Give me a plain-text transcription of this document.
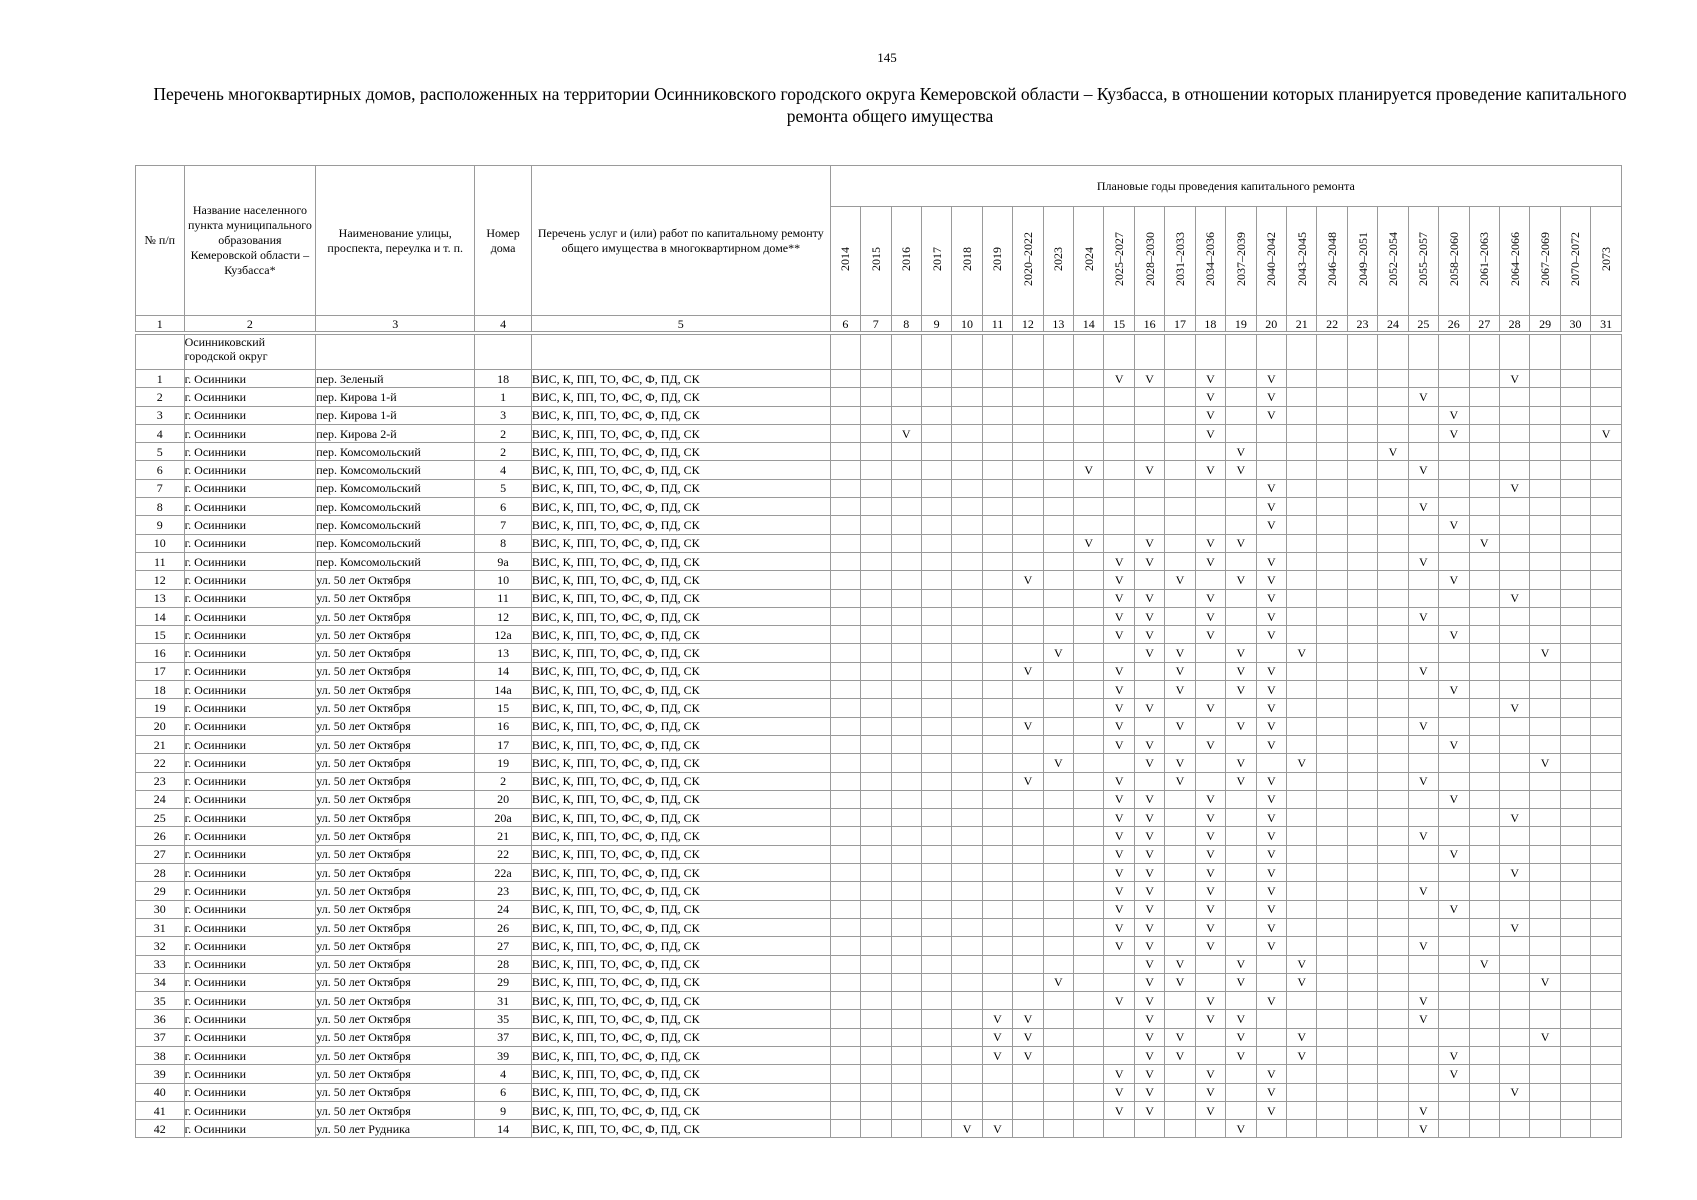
145
Перечень многоквартирных домов, расположенных на территории Осинниковского городского округа Кемеровской области – Кузбасса, в отношении которых планируется проведение капитального ремонта общего имущества
№ п/п	Название населенного пункта муниципального образования Кемеровской области – Кузбасса*	Наименование улицы, проспекта, переулка и т. п.	Номер дома	Перечень услуг и (или) работ по капитальному ремонту общего имущества в многоквартирном доме**	Плановые годы проведения капитального ремонта																									
					2014	2015	2016	2017	2018	2019	2020–2022	2023	2024	2025–2027	2028–2030	2031–2033	2034–2036	2037–2039	2040–2042	2043–2045	2046–2048	2049–2051	2052–2054	2055–2057	2058–2060	2061–2063	2064–2066	2067–2069	2070–2072	2073
1	2	3	4	5	6	7	8	9	10	11	12	13	14	15	16	17	18	19	20	21	22	23	24	25	26	27	28	29	30	31

	Осинниковский городской округ																													
1	г. Осинники	пер. Зеленый	18	ВИС, К, ПП, ТО, ФС, Ф, ПД, СК										V	V		V		V								V			
2	г. Осинники	пер. Кирова 1-й	1	ВИС, К, ПП, ТО, ФС, Ф, ПД, СК													V		V					V						
3	г. Осинники	пер. Кирова 1-й	3	ВИС, К, ПП, ТО, ФС, Ф, ПД, СК													V		V						V					
4	г. Осинники	пер. Кирова 2-й	2	ВИС, К, ПП, ТО, ФС, Ф, ПД, СК			V										V								V					V
5	г. Осинники	пер. Комсомольский	2	ВИС, К, ПП, ТО, ФС, Ф, ПД, СК														V					V							
6	г. Осинники	пер. Комсомольский	4	ВИС, К, ПП, ТО, ФС, Ф, ПД, СК									V		V		V	V						V						
7	г. Осинники	пер. Комсомольский	5	ВИС, К, ПП, ТО, ФС, Ф, ПД, СК															V								V			
8	г. Осинники	пер. Комсомольский	6	ВИС, К, ПП, ТО, ФС, Ф, ПД, СК															V					V						
9	г. Осинники	пер. Комсомольский	7	ВИС, К, ПП, ТО, ФС, Ф, ПД, СК															V						V					
10	г. Осинники	пер. Комсомольский	8	ВИС, К, ПП, ТО, ФС, Ф, ПД, СК									V		V		V	V								V				
11	г. Осинники	пер. Комсомольский	9а	ВИС, К, ПП, ТО, ФС, Ф, ПД, СК										V	V		V		V					V						
12	г. Осинники	ул. 50 лет Октября	10	ВИС, К, ПП, ТО, ФС, Ф, ПД, СК							V			V		V		V	V						V					
13	г. Осинники	ул. 50 лет Октября	11	ВИС, К, ПП, ТО, ФС, Ф, ПД, СК										V	V		V		V								V			
14	г. Осинники	ул. 50 лет Октября	12	ВИС, К, ПП, ТО, ФС, Ф, ПД, СК										V	V		V		V					V						
15	г. Осинники	ул. 50 лет Октября	12а	ВИС, К, ПП, ТО, ФС, Ф, ПД, СК										V	V		V		V						V					
16	г. Осинники	ул. 50 лет Октября	13	ВИС, К, ПП, ТО, ФС, Ф, ПД, СК								V			V	V		V		V								V		
17	г. Осинники	ул. 50 лет Октября	14	ВИС, К, ПП, ТО, ФС, Ф, ПД, СК							V			V		V		V	V					V						
18	г. Осинники	ул. 50 лет Октября	14а	ВИС, К, ПП, ТО, ФС, Ф, ПД, СК										V		V		V	V						V					
19	г. Осинники	ул. 50 лет Октября	15	ВИС, К, ПП, ТО, ФС, Ф, ПД, СК										V	V		V		V								V			
20	г. Осинники	ул. 50 лет Октября	16	ВИС, К, ПП, ТО, ФС, Ф, ПД, СК							V			V		V		V	V					V						
21	г. Осинники	ул. 50 лет Октября	17	ВИС, К, ПП, ТО, ФС, Ф, ПД, СК										V	V		V		V						V					
22	г. Осинники	ул. 50 лет Октября	19	ВИС, К, ПП, ТО, ФС, Ф, ПД, СК								V			V	V		V		V								V		
23	г. Осинники	ул. 50 лет Октября	2	ВИС, К, ПП, ТО, ФС, Ф, ПД, СК							V			V		V		V	V					V						
24	г. Осинники	ул. 50 лет Октября	20	ВИС, К, ПП, ТО, ФС, Ф, ПД, СК										V	V		V		V						V					
25	г. Осинники	ул. 50 лет Октября	20а	ВИС, К, ПП, ТО, ФС, Ф, ПД, СК										V	V		V		V								V			
26	г. Осинники	ул. 50 лет Октября	21	ВИС, К, ПП, ТО, ФС, Ф, ПД, СК										V	V		V		V					V						
27	г. Осинники	ул. 50 лет Октября	22	ВИС, К, ПП, ТО, ФС, Ф, ПД, СК										V	V		V		V						V					
28	г. Осинники	ул. 50 лет Октября	22а	ВИС, К, ПП, ТО, ФС, Ф, ПД, СК										V	V		V		V								V			
29	г. Осинники	ул. 50 лет Октября	23	ВИС, К, ПП, ТО, ФС, Ф, ПД, СК										V	V		V		V					V						
30	г. Осинники	ул. 50 лет Октября	24	ВИС, К, ПП, ТО, ФС, Ф, ПД, СК										V	V		V		V						V					
31	г. Осинники	ул. 50 лет Октября	26	ВИС, К, ПП, ТО, ФС, Ф, ПД, СК										V	V		V		V								V			
32	г. Осинники	ул. 50 лет Октября	27	ВИС, К, ПП, ТО, ФС, Ф, ПД, СК										V	V		V		V					V						
33	г. Осинники	ул. 50 лет Октября	28	ВИС, К, ПП, ТО, ФС, Ф, ПД, СК											V	V		V		V						V				
34	г. Осинники	ул. 50 лет Октября	29	ВИС, К, ПП, ТО, ФС, Ф, ПД, СК								V			V	V		V		V								V		
35	г. Осинники	ул. 50 лет Октября	31	ВИС, К, ПП, ТО, ФС, Ф, ПД, СК										V	V		V		V					V						
36	г. Осинники	ул. 50 лет Октября	35	ВИС, К, ПП, ТО, ФС, Ф, ПД, СК						V	V				V		V	V						V						
37	г. Осинники	ул. 50 лет Октября	37	ВИС, К, ПП, ТО, ФС, Ф, ПД, СК						V	V				V	V		V		V								V		
38	г. Осинники	ул. 50 лет Октября	39	ВИС, К, ПП, ТО, ФС, Ф, ПД, СК						V	V				V	V		V		V					V					
39	г. Осинники	ул. 50 лет Октября	4	ВИС, К, ПП, ТО, ФС, Ф, ПД, СК										V	V		V		V						V					
40	г. Осинники	ул. 50 лет Октября	6	ВИС, К, ПП, ТО, ФС, Ф, ПД, СК										V	V		V		V								V			
41	г. Осинники	ул. 50 лет Октября	9	ВИС, К, ПП, ТО, ФС, Ф, ПД, СК										V	V		V		V					V						
42	г. Осинники	ул. 50 лет Рудника	14	ВИС, К, ПП, ТО, ФС, Ф, ПД, СК					V	V								V						V						
